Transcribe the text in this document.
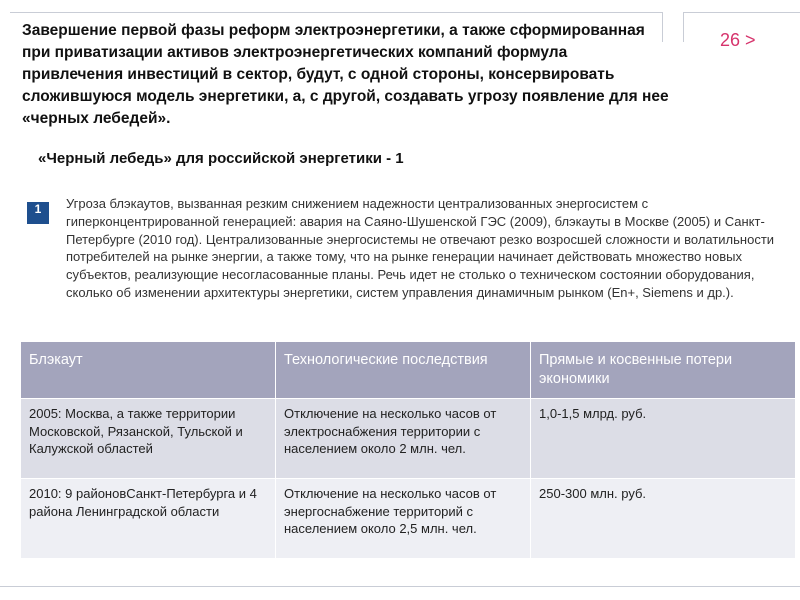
Завершение первой фазы реформ электроэнергетики, а также сформированная при приватизации активов электроэнергетических компаний формула привлечения инвестиций в сектор, будут, с одной стороны, консервировать сложившуюся модель энергетики, а, с другой, создавать угрозу появление для нее «черных лебедей».
26 >
«Черный лебедь» для российской энергетики - 1
1	Угроза блэкаутов, вызванная резким снижением надежности централизованных энергосистем с гиперконцентрированной генерацией: авария на Саяно-Шушенской ГЭС (2009), блэкауты в Москве (2005) и Санкт-Петербурге (2010 год). Централизованные энергосистемы не отвечают резко возросшей сложности и волатильности потребителей на рынке энергии, а также тому, что на рынке генерации начинает действовать множество новых субъектов, реализующие несогласованные планы. Речь идет не столько о техническом состоянии оборудования, сколько об изменении архитектуры энергетики, систем управления динамичным рынком (En+, Siemens и др.).
Блэкаут	Технологические последствия	Прямые и косвенные потери экономики
2005: Москва, а также территории Московской, Рязанской, Тульской и Калужской областей	Отключение на несколько часов от электроснабжения территории с населением около 2 млн. чел.	1,0-1,5 млрд. руб.
2010: 9 районовСанкт-Петербурга и 4 района Ленинградской области	Отключение на несколько часов от энергоснабжение территорий с населением около 2,5 млн. чел.	250-300 млн. руб.
